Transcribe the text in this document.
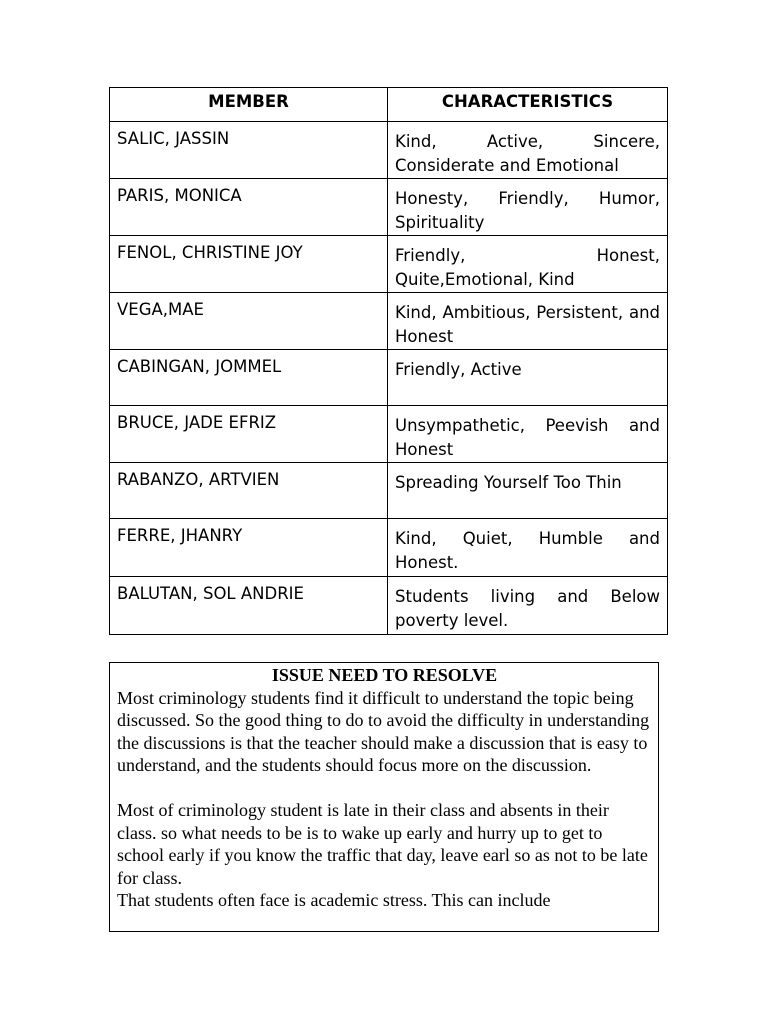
MEMBER	CHARACTERISTICS
SALIC, JASSIN	Kind, Active, Sincere, Considerate and Emotional

PARIS, MONICA	Honesty, Friendly, Humor, Spirituality

FENOL, CHRISTINE JOY	Friendly, Honest, Quite,Emotional, Kind

VEGA,MAE	Kind, Ambitious, Persistent, and Honest

CABINGAN, JOMMEL	Friendly, Active

BRUCE, JADE EFRIZ	Unsympathetic, Peevish and Honest

RABANZO, ARTVIEN	Spreading Yourself Too Thin

FERRE, JHANRY	Kind, Quiet, Humble and Honest.

BALUTAN, SOL ANDRIE	Students living and Below poverty level.

ISSUE NEED TO RESOLVE

Most criminology students find it difficult to understand the topic being discussed. So the good thing to do to avoid the difficulty in understanding the discussions is that the teacher should make a discussion that is easy to understand, and the students should focus more on the discussion.

Most of criminology student is late in their class and absents in their class. so what needs to be is to wake up early and hurry up to get to school early if you know the traffic that day, leave earl so as not to be late for class.

That students often face is academic stress. This can include
